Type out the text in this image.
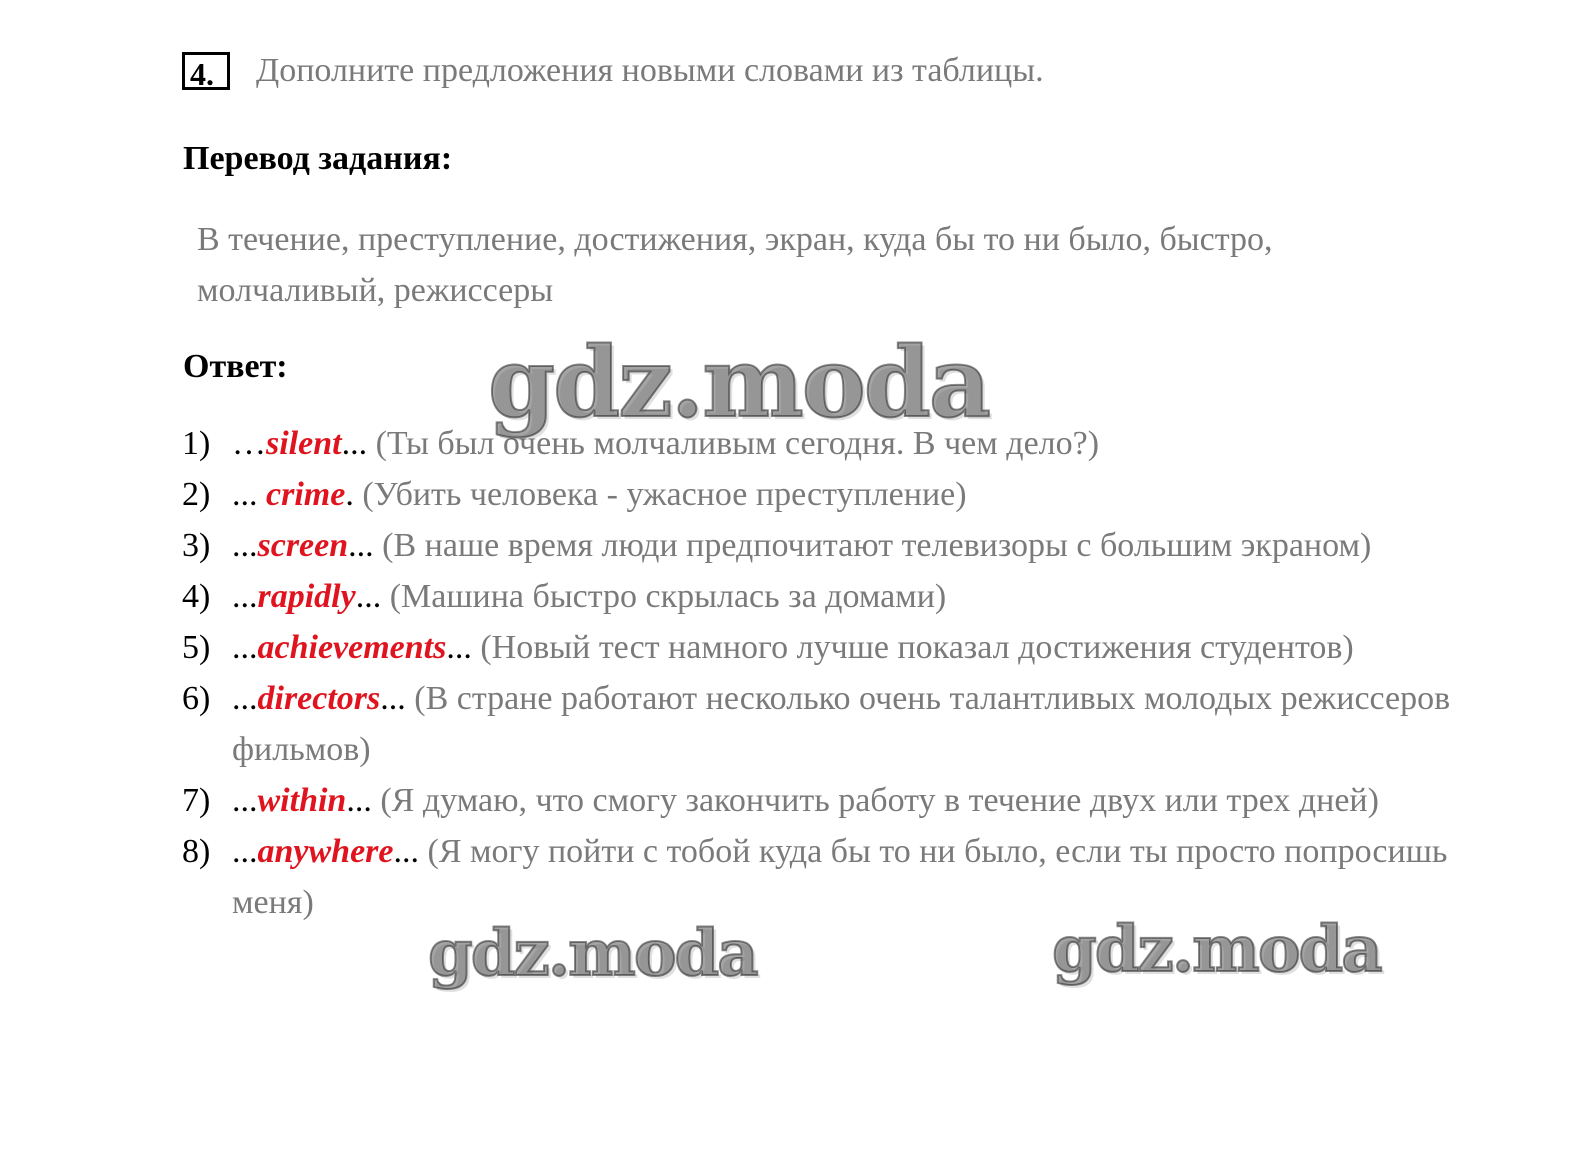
4.	Дополните предложения новыми словами из таблицы.
Перевод задания:
В течение, преступление, достижения, экран, куда бы то ни было, быстро, молчаливый, режиссеры
Ответ:
1) …silent... (Ты был очень молчаливым сегодня. В чем дело?)
2) ... crime. (Убить человека - ужасное преступление)
3) ...screen... (В наше время люди предпочитают телевизоры с большим экраном)
4) ...rapidly... (Машина быстро скрылась за домами)
5) ...achievements... (Новый тест намного лучше показал достижения студентов)
6) ...directors... (В стране работают несколько очень талантливых молодых режиссеров фильмов)
7) ...within... (Я думаю, что смогу закончить работу в течение двух или трех дней)
8) ...anywhere... (Я могу пойти с тобой куда бы то ни было, если ты просто попросишь меня)
gdz.moda
gdz.moda	gdz.moda
